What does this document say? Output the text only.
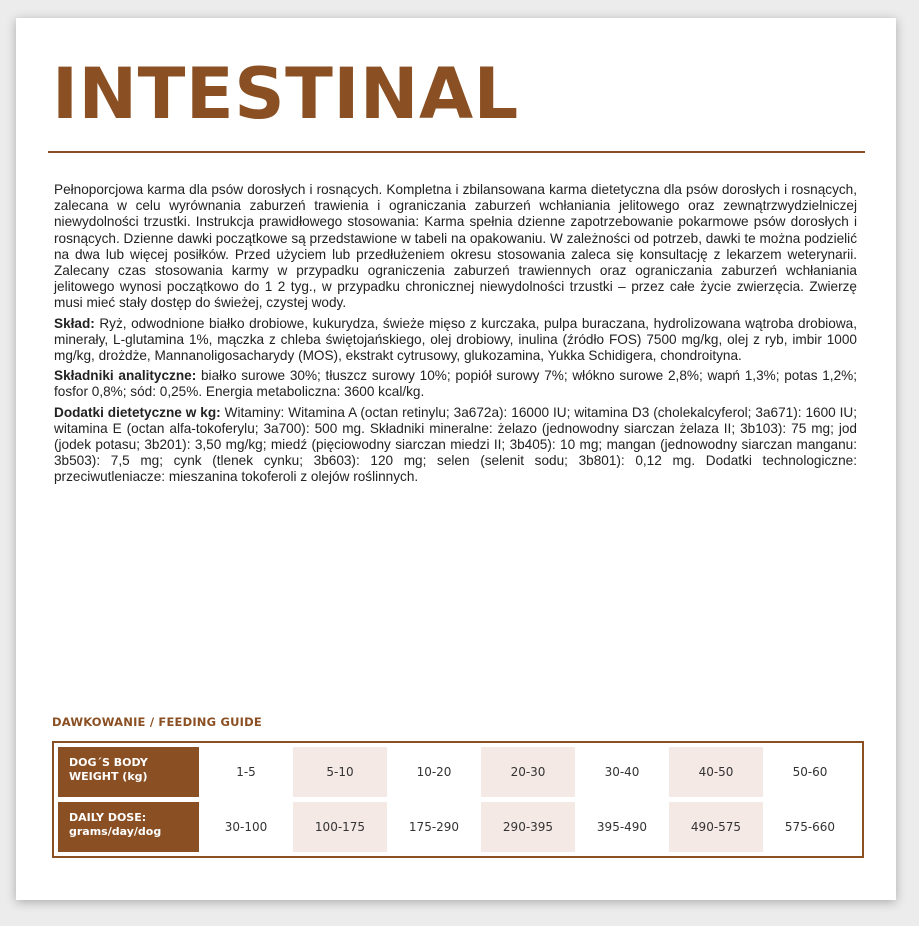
INTESTINAL

Pełnoporcjowa karma dla psów dorosłych i rosnących. Kompletna i zbilansowana karma dietetyczna dla psów dorosłych i rosnących, zalecana w celu wyrównania zaburzeń trawienia i ograniczania zaburzeń wchłaniania jelitowego oraz zewnątrzwydzielniczej niewydolności trzustki. Instrukcja prawidłowego stosowania: Karma spełnia dzienne zapotrzebowanie pokarmowe psów dorosłych i rosnących. Dzienne dawki początkowe są przedstawione w tabeli na opakowaniu. W zależności od potrzeb, dawki te można podzielić na dwa lub więcej posiłków. Przed użyciem lub przedłużeniem okresu stosowania zaleca się konsultację z lekarzem weterynarii. Zalecany czas stosowania karmy w przypadku ograniczenia zaburzeń trawiennych oraz ograniczania zaburzeń wchłaniania jelitowego wynosi początkowo do 1 2 tyg., w przypadku chronicznej niewydolności trzustki – przez całe życie zwierzęcia. Zwierzę musi mieć stały dostęp do świeżej, czystej wody.

Skład: Ryż, odwodnione białko drobiowe, kukurydza, świeże mięso z kurczaka, pulpa buraczana, hydrolizowana wątroba drobiowa, minerały, L-glutamina 1%, mączka z chleba świętojańskiego, olej drobiowy, inulina (źródło FOS) 7500 mg/kg, olej z ryb, imbir 1000 mg/kg, drożdże, Mannanoligosacharydy (MOS), ekstrakt cytrusowy, glukozamina, Yukka Schidigera, chondroityna.

Składniki analityczne: białko surowe 30%; tłuszcz surowy 10%; popiół surowy 7%; włókno surowe 2,8%; wapń 1,3%; potas 1,2%; fosfor 0,8%; sód: 0,25%. Energia metaboliczna: 3600 kcal/kg.

Dodatki dietetyczne w kg: Witaminy: Witamina A (octan retinylu; 3a672a): 16000 IU; witamina D3 (cholekalcyferol; 3a671): 1600 IU; witamina E (octan alfa-tokoferylu; 3a700): 500 mg. Składniki mineralne: żelazo (jednowodny siarczan żelaza II; 3b103): 75 mg; jod (jodek potasu; 3b201): 3,50 mg/kg; miedź (pięciowodny siarczan miedzi II; 3b405): 10 mg; mangan (jednowodny siarczan manganu: 3b503): 7,5 mg; cynk (tlenek cynku; 3b603): 120 mg; selen (selenit sodu; 3b801): 0,12 mg. Dodatki technologiczne: przeciwutleniacze: mieszanina tokoferoli z olejów roślinnych.

DAWKOWANIE / FEEDING GUIDE
DOG´S BODY WEIGHT (kg)	1-5	5-10	10-20	20-30	30-40	40-50	50-60
DAILY DOSE: grams/day/dog	30-100	100-175	175-290	290-395	395-490	490-575	575-660
